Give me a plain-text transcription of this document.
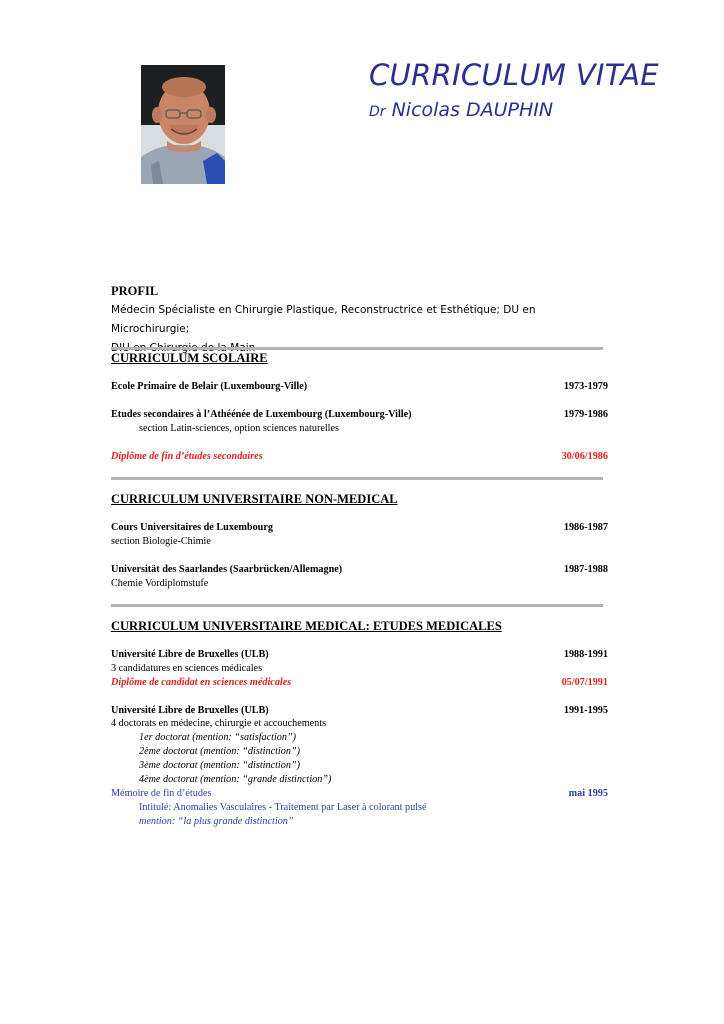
CURRICULUM VITAE
Dr Nicolas DAUPHIN
PROFIL
Médecin Spécialiste en Chirurgie Plastique, Reconstructrice et Esthétique; DU en Microchirurgie;
CURRICULUM SCOLAIRE
Ecole Primaire de Belair (Luxembourg-Ville)	1973-1979
Etudes secondaires à l’Athéénée de Luxembourg (Luxembourg-Ville)	1979-1986
section Latin-sciences, option sciences naturelles
Diplôme de fin d’études secondaires	30/06/1986
CURRICULUM UNIVERSITAIRE NON-MEDICAL
Cours Universitaires de Luxembourg	1986-1987
section Biologie-Chimie
Universität des Saarlandes (Saarbrücken/Allemagne)	1987-1988
Chemie Vordiplomstufe
CURRICULUM UNIVERSITAIRE MEDICAL: ETUDES MEDICALES
Université Libre de Bruxelles (ULB)	1988-1991
3 candidatures en sciences médicales
Diplôme de candidat en sciences médicales	05/07/1991
Université Libre de Bruxelles (ULB)	1991-1995
4 doctorats en médecine, chirurgie et accouchements
1er doctorat (mention: “satisfaction”)
2ème doctorat (mention: “distinction”)
3ème doctorat (mention: “distinction”)
4ème doctorat (mention: “grande distinction”)
Mémoire de fin d’études	mai 1995
Intitulé: Anomalies Vasculaires - Traitement par Laser à colorant pulsé
mention: “la plus grande distinction”
